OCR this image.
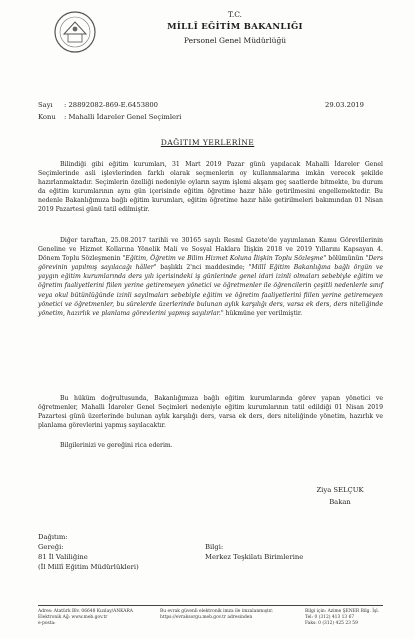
T.C.
MİLLÎ EĞİTİM BAKANLIĞI
Personel Genel Müdürlüğü
Sayı : 28892082-869-E.6453800
Konu : Mahalli İdareler Genel Seçimleri
29.03.2019
DAĞITIM YERLERİNE
Bilindiği gibi eğitim kurumları, 31 Mart 2019 Pazar günü yapılacak Mahalli İdareler Genel Seçimlerinde asli işlevlerinden farklı olarak seçmenlerin oy kullanmalarına imkân verecek şekilde hazırlanmaktadır. Seçimlerin özelliği nedeniyle oyların sayım işlemi akşam geç saatlerde bitmekte, bu durum da eğitim kurumlarının aynı gün içerisinde eğitim öğretime hazır hâle getirilmesini engellemektedir. Bu nedenle Bakanlığımıza bağlı eğitim kurumları, eğitim öğretime hazır hâle getirilmeleri bakımından 01 Nisan 2019 Pazartesi günü tatil edilmiştir.
Diğer taraftan, 25.08.2017 tarihli ve 30165 sayılı Resmî Gazete'de yayımlanan Kamu Görevlilerinin Geneline ve Hizmet Kollarına Yönelik Mali ve Sosyal Haklara İlişkin 2018 ve 2019 Yıllarını Kapsayan 4. Dönem Toplu Sözleşmenin "Eğitim, Öğretim ve Bilim Hizmet Koluna İlişkin Toplu Sözleşme" bölümünün "Ders görevinin yapılmış sayılacağı hâller" başlıklı 2'nci maddesinde; "Millî Eğitim Bakanlığına bağlı örgün ve yaygın eğitim kurumlarında ders yılı içerisindeki iş günlerinde genel idari izinli olmaları sebebiyle eğitim ve öğretim faaliyetlerini fiilen yerine getiremeyen yönetici ve öğretmenler ile öğrencilerin çeşitli nedenlerle sınıf veya okul bütünlüğünde izinli sayılmaları sebebiyle eğitim ve öğretim faaliyetlerini fiilen yerine getiremeyen yönetici ve öğretmenler, bu sürelerde üzerlerinde bulunan aylık karşılığı ders, varsa ek ders, ders niteliğinde yönetim, hazırlık ve planlama görevlerini yapmış sayılırlar." hükmüne yer verilmiştir.
Bu hüküm doğrultusunda, Bakanlığımıza bağlı eğitim kurumlarında görev yapan yönetici ve öğretmenler, Mahalli İdareler Genel Seçimleri nedeniyle eğitim kurumlarının tatil edildiği 01 Nisan 2019 Pazartesi günü üzerlerinde bulunan aylık karşılığı ders, varsa ek ders, ders niteliğinde yönetim, hazırlık ve planlama görevlerini yapmış sayılacaktır.
Bilgilerinizi ve gereğini rica ederim.
Ziya SELÇUK
Bakan
Dağıtım:
Gereği:
81 İl Valiliğine
(İl Millî Eğitim Müdürlükleri)
Bilgi:
Merkez Teşkilatı Birimlerine
Adres: Atatürk Blv. 06648 Kızılay/ANKARA
Elektronik Ağ: www.meb.gov.tr
e-posta:
Bu evrak güvenli elektronik imza ile imzalanmıştır. https://evraksorgu.meb.gov.tr adresinden
Bilgi için: Azime ŞENER Bilg. İşl.
Tel: 0 (312) 413 13 67
Faks: 0 (312) 425 23 59
